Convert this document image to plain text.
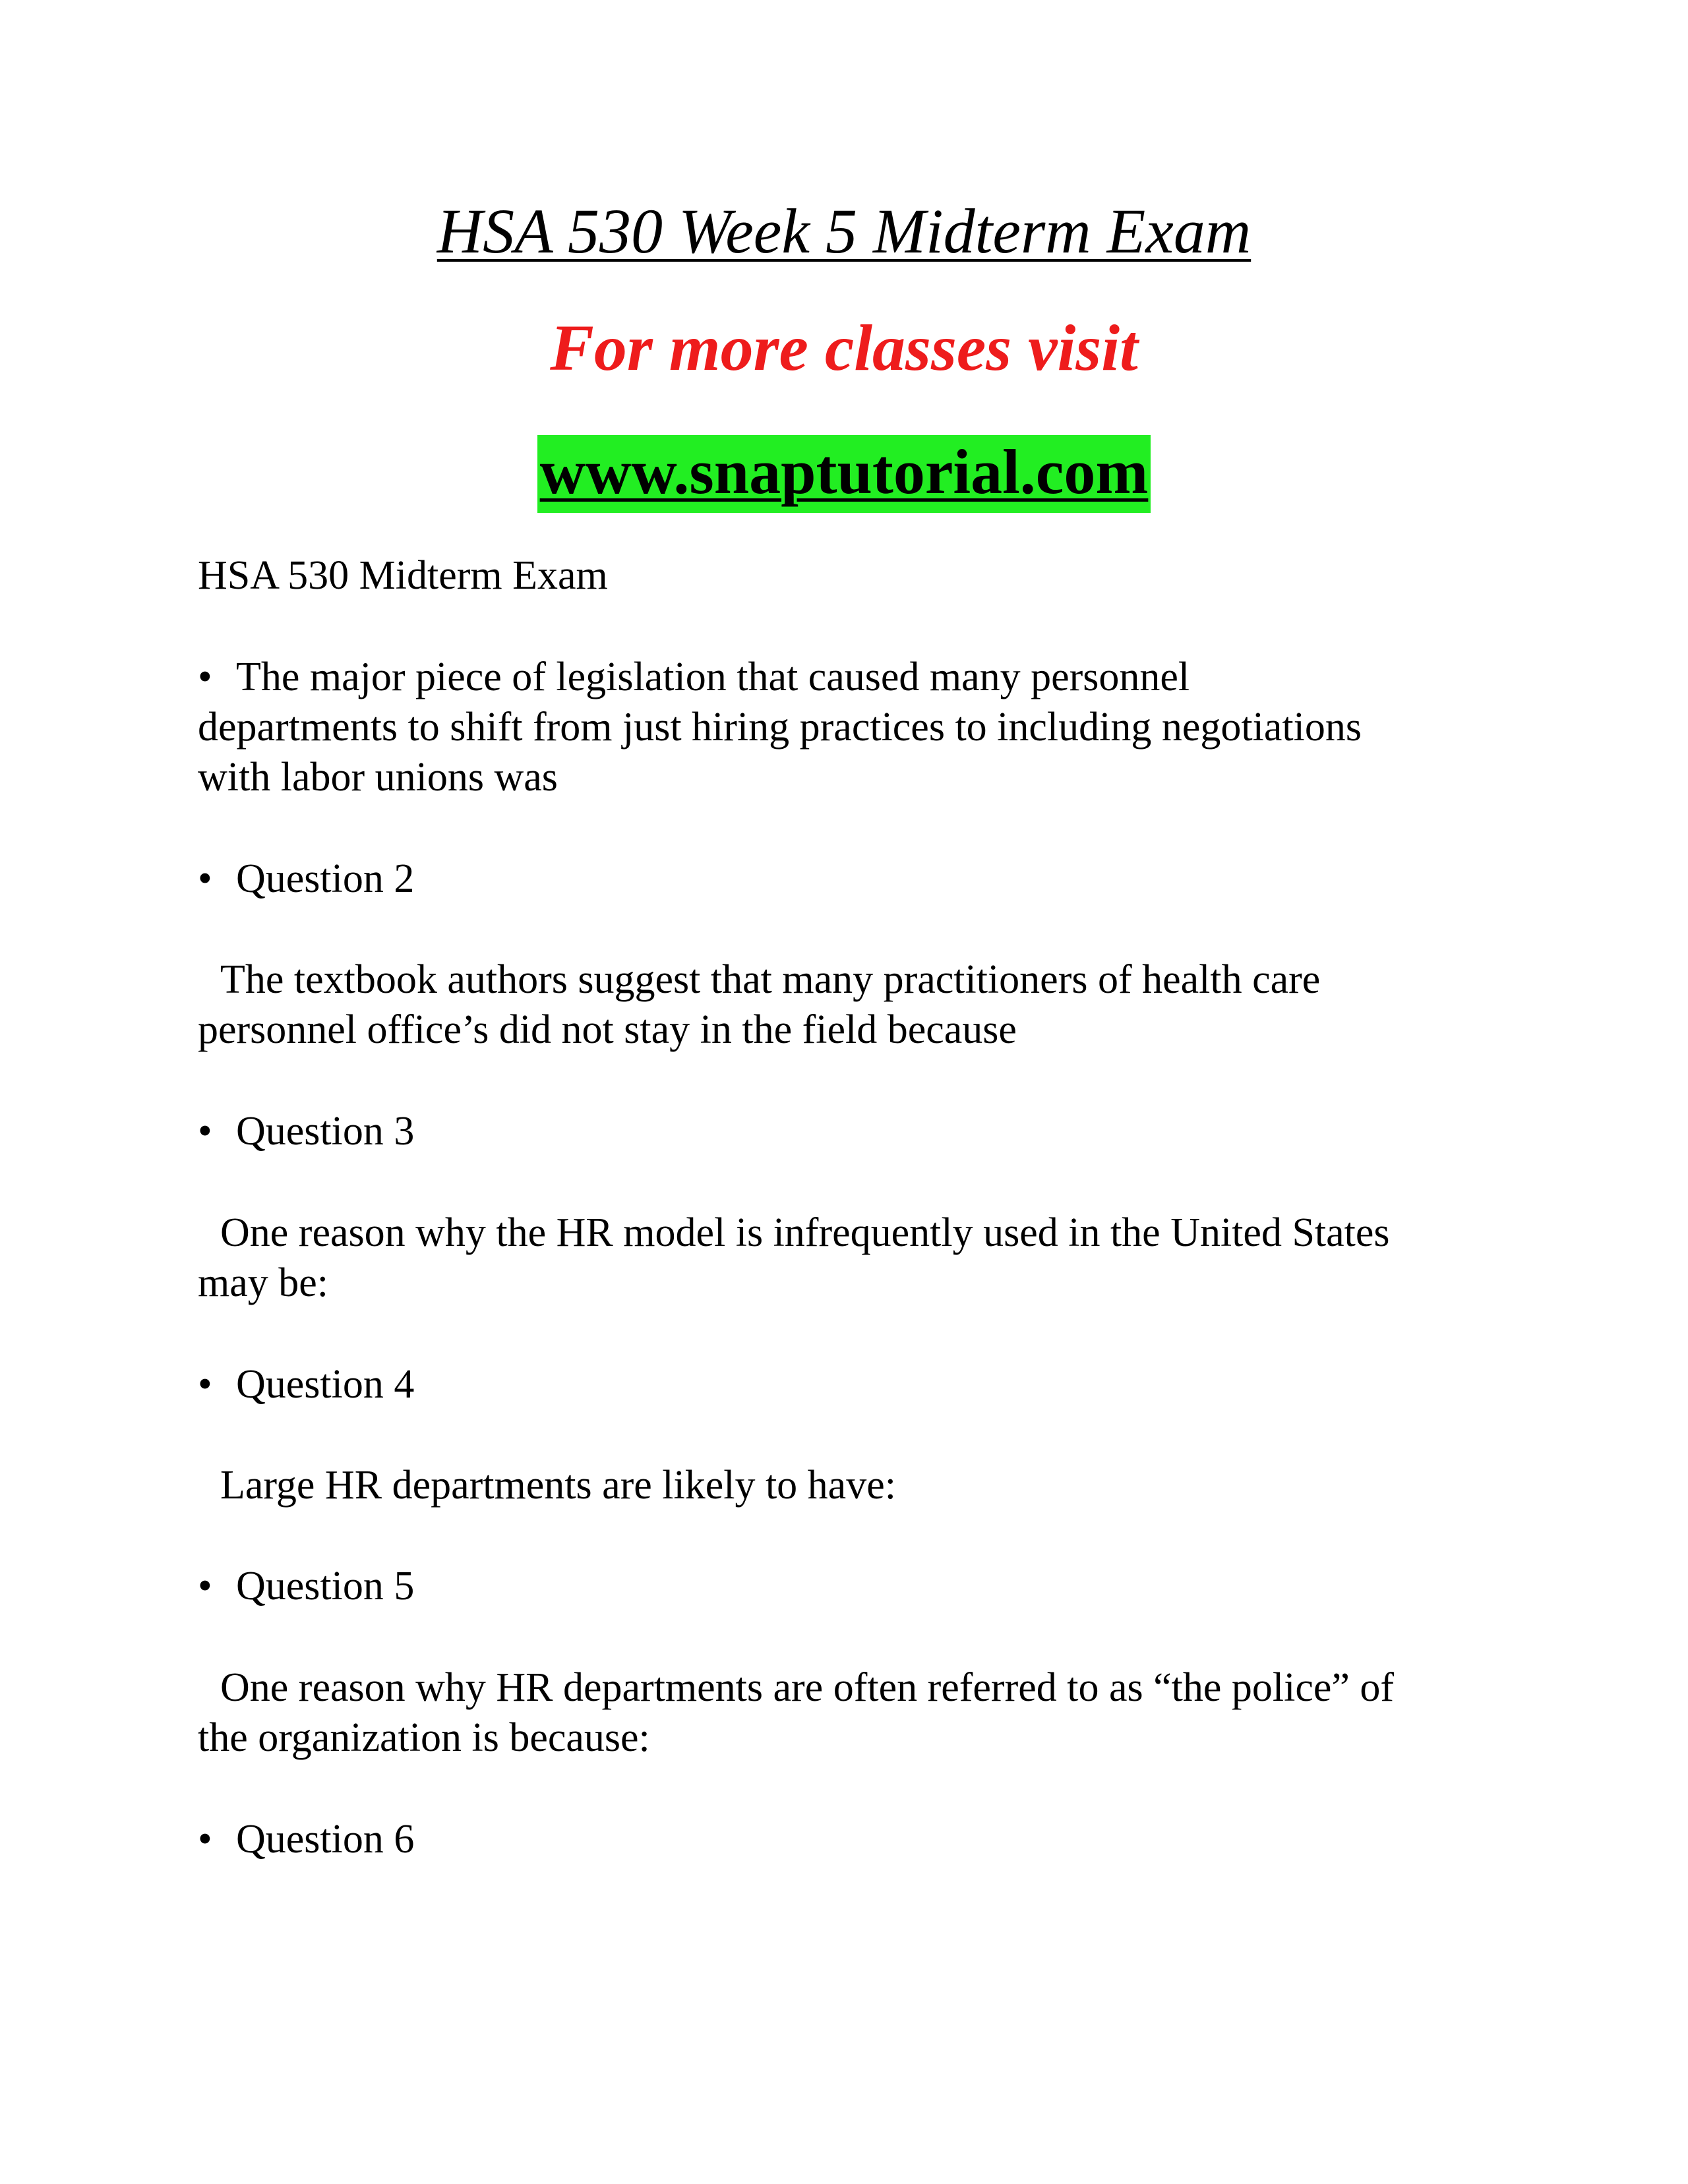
HSA 530 Week 5 Midterm Exam
For more classes visit
www.snaptutorial.com
HSA 530 Midterm Exam
• The major piece of legislation that caused many personnel
departments to shift from just hiring practices to including negotiations
with labor unions was
• Question 2
The textbook authors suggest that many practitioners of health care
personnel office’s did not stay in the field because
• Question 3
One reason why the HR model is infrequently used in the United States
may be:
• Question 4
Large HR departments are likely to have:
• Question 5
One reason why HR departments are often referred to as “the police” of
the organization is because:
• Question 6
